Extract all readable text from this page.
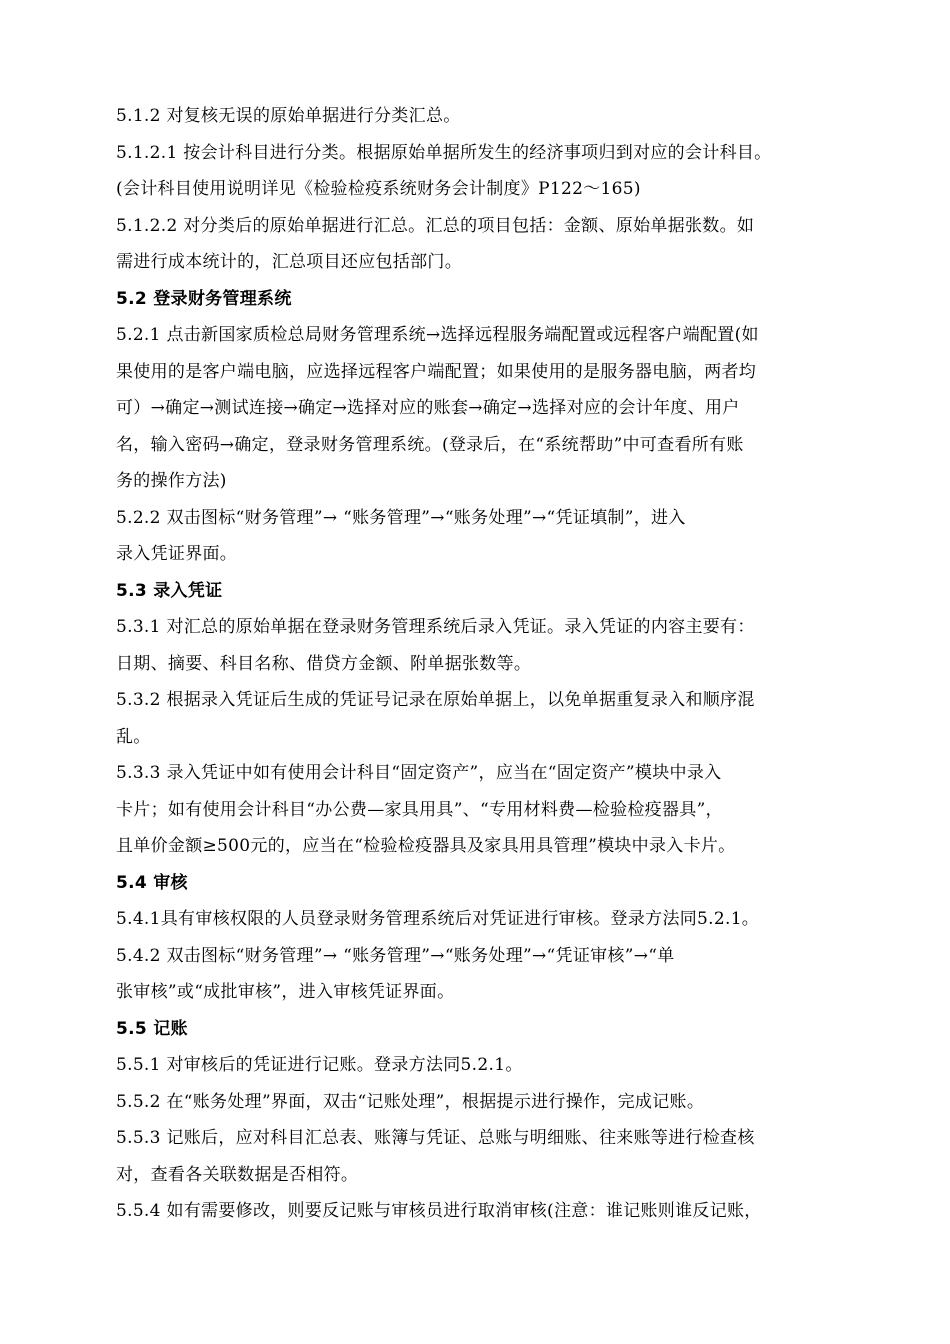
5.1.2 对复核无误的原始单据进行分类汇总。
5.1.2.1 按会计科目进行分类。根据原始单据所发生的经济事项归到对应的会计科目。
(会计科目使用说明详见《检验检疫系统财务会计制度》P122～165)
5.1.2.2 对分类后的原始单据进行汇总。汇总的项目包括：金额、原始单据张数。如
需进行成本统计的，汇总项目还应包括部门。
5.2 登录财务管理系统
5.2.1 点击新国家质检总局财务管理系统→选择远程服务端配置或远程客户端配置(如
果使用的是客户端电脑，应选择远程客户端配置；如果使用的是服务器电脑，两者均
可）→确定→测试连接→确定→选择对应的账套→确定→选择对应的会计年度、用户
名，输入密码→确定，登录财务管理系统。(登录后，在“系统帮助”中可查看所有账
务的操作方法)
5.2.2 双击图标“财务管理”→ “账务管理”→“账务处理”→“凭证填制”，进入
录入凭证界面。
5.3 录入凭证
5.3.1 对汇总的原始单据在登录财务管理系统后录入凭证。录入凭证的内容主要有：
日期、摘要、科目名称、借贷方金额、附单据张数等。
5.3.2 根据录入凭证后生成的凭证号记录在原始单据上，以免单据重复录入和顺序混
乱。
5.3.3 录入凭证中如有使用会计科目“固定资产”，应当在“固定资产”模块中录入
卡片；如有使用会计科目“办公费—家具用具”、“专用材料费—检验检疫器具”，
且单价金额≥500元的，应当在“检验检疫器具及家具用具管理”模块中录入卡片。
5.4 审核
5.4.1具有审核权限的人员登录财务管理系统后对凭证进行审核。登录方法同5.2.1。
5.4.2 双击图标“财务管理”→ “账务管理”→“账务处理”→“凭证审核”→“单
张审核”或“成批审核”，进入审核凭证界面。
5.5 记账
5.5.1 对审核后的凭证进行记账。登录方法同5.2.1。
5.5.2 在“账务处理”界面，双击“记账处理”，根据提示进行操作，完成记账。
5.5.3 记账后，应对科目汇总表、账簿与凭证、总账与明细账、往来账等进行检查核
对，查看各关联数据是否相符。
5.5.4 如有需要修改，则要反记账与审核员进行取消审核(注意：谁记账则谁反记账，
